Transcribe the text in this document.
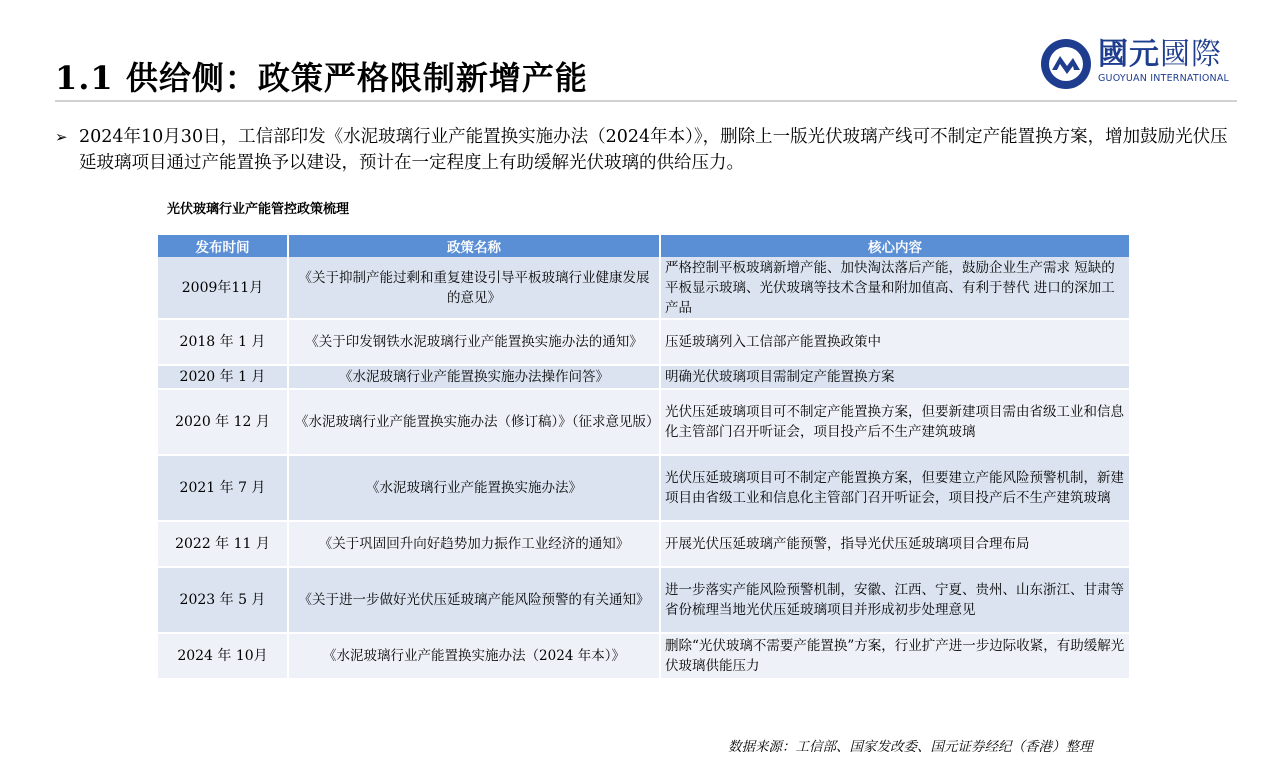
1.1 供给侧：政策严格限制新增产能
國元國際
GUOYUAN INTERNATIONAL
➢ 2024年10月30日，工信部印发《水泥玻璃行业产能置换实施办法（2024年本）》，删除上一版光伏玻璃产线可不制定产能置换方案，增加鼓励光伏压延玻璃项目通过产能置换予以建设，预计在一定程度上有助缓解光伏玻璃的供给压力。
光伏玻璃行业产能管控政策梳理
发布时间	政策名称	核心内容
2009年11月	《关于抑制产能过剩和重复建设引导平板玻璃行业健康发展的意见》	严格控制平板玻璃新增产能、加快淘汰落后产能，鼓励企业生产需求 短缺的平板显示玻璃、光伏玻璃等技术含量和附加值高、有利于替代 进口的深加工产品
2018 年 1 月	《关于印发钢铁水泥玻璃行业产能置换实施办法的通知》	压延玻璃列入工信部产能置换政策中
2020 年 1 月	《水泥玻璃行业产能置换实施办法操作问答》	明确光伏玻璃项目需制定产能置换方案
2020 年 12 月	《水泥玻璃行业产能置换实施办法（修订稿）》（征求意见版）	光伏压延玻璃项目可不制定产能置换方案，但要新建项目需由省级工业和信息化主管部门召开听证会，项目投产后不生产建筑玻璃
2021 年 7 月	《水泥玻璃行业产能置换实施办法》	光伏压延玻璃项目可不制定产能置换方案，但要建立产能风险预警机制，新建项目由省级工业和信息化主管部门召开听证会，项目投产后不生产建筑玻璃
2022 年 11 月	《关于巩固回升向好趋势加力振作工业经济的通知》	开展光伏压延玻璃产能预警，指导光伏压延玻璃项目合理布局
2023 年 5 月	《关于进一步做好光伏压延玻璃产能风险预警的有关通知》	进一步落实产能风险预警机制，安徽、江西、宁夏、贵州、山东浙江、甘肃等省份梳理当地光伏压延玻璃项目并形成初步处理意见
2024 年 10月	《水泥玻璃行业产能置换实施办法（2024 年本）》	删除“光伏玻璃不需要产能置换”方案，行业扩产进一步边际收紧，有助缓解光伏玻璃供能压力
数据来源：工信部、国家发改委、国元证券经纪（香港）整理
